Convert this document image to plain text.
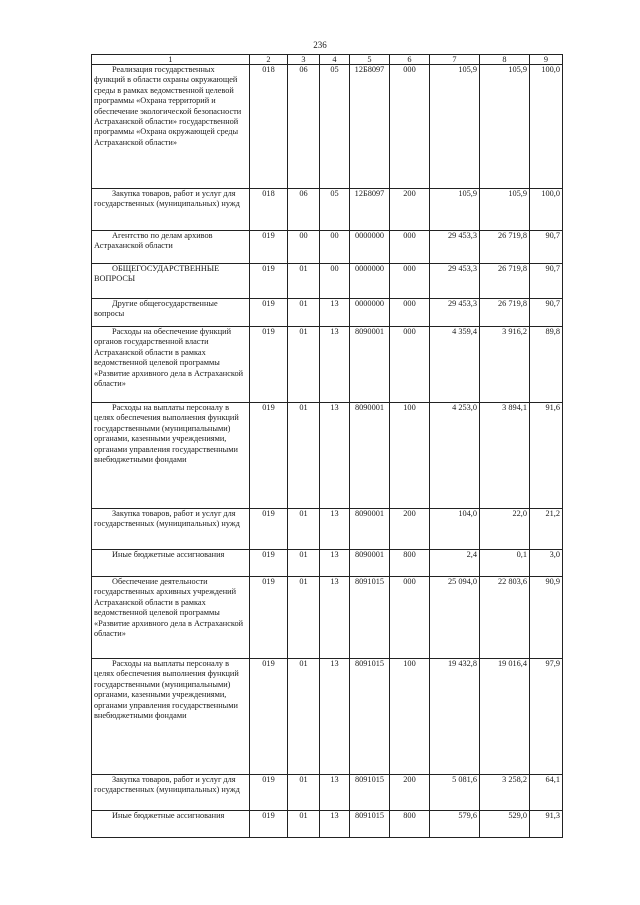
236
1	2	3	4	5	6	7	8	9

Реализация государственных функций в области охраны окружающей среды в рамках ведомственной целевой программы «Охрана территорий и обеспечение экологической безопасности Астраханской области» государственной программы «Охрана окружающей среды Астраханской области»	018	06	05	12Б8097	000	105,9	105,9	100,0

Закупка товаров, работ и услуг для государственных (муниципальных) нужд	018	06	05	12Б8097	200	105,9	105,9	100,0

Агентство по делам архивов Астраханской области	019	00	00	0000000	000	29 453,3	26 719,8	90,7

ОБЩЕГОСУДАРСТВЕННЫЕ ВОПРОСЫ	019	01	00	0000000	000	29 453,3	26 719,8	90,7

Другие общегосударственные вопросы	019	01	13	0000000	000	29 453,3	26 719,8	90,7

Расходы на обеспечение функций органов государственной власти Астраханской области в рамках ведомственной целевой программы «Развитие архивного дела в Астраханской области»	019	01	13	8090001	000	4 359,4	3 916,2	89,8

Расходы на выплаты персоналу в целях обеспечения выполнения функций государственными (муниципальными) органами, казенными учреждениями, органами управления государственными внебюджетными фондами	019	01	13	8090001	100	4 253,0	3 894,1	91,6

Закупка товаров, работ и услуг для государственных (муниципальных) нужд	019	01	13	8090001	200	104,0	22,0	21,2

Иные бюджетные ассигнования	019	01	13	8090001	800	2,4	0,1	3,0

Обеспечение деятельности государственных архивных учреждений Астраханской области в рамках ведомственной целевой программы «Развитие архивного дела в Астраханской области»	019	01	13	8091015	000	25 094,0	22 803,6	90,9

Расходы на выплаты персоналу в целях обеспечения выполнения функций государственными (муниципальными) органами, казенными учреждениями, органами управления государственными внебюджетными фондами	019	01	13	8091015	100	19 432,8	19 016,4	97,9

Закупка товаров, работ и услуг для государственных (муниципальных) нужд	019	01	13	8091015	200	5 081,6	3 258,2	64,1

Иные бюджетные ассигнования	019	01	13	8091015	800	579,6	529,0	91,3
